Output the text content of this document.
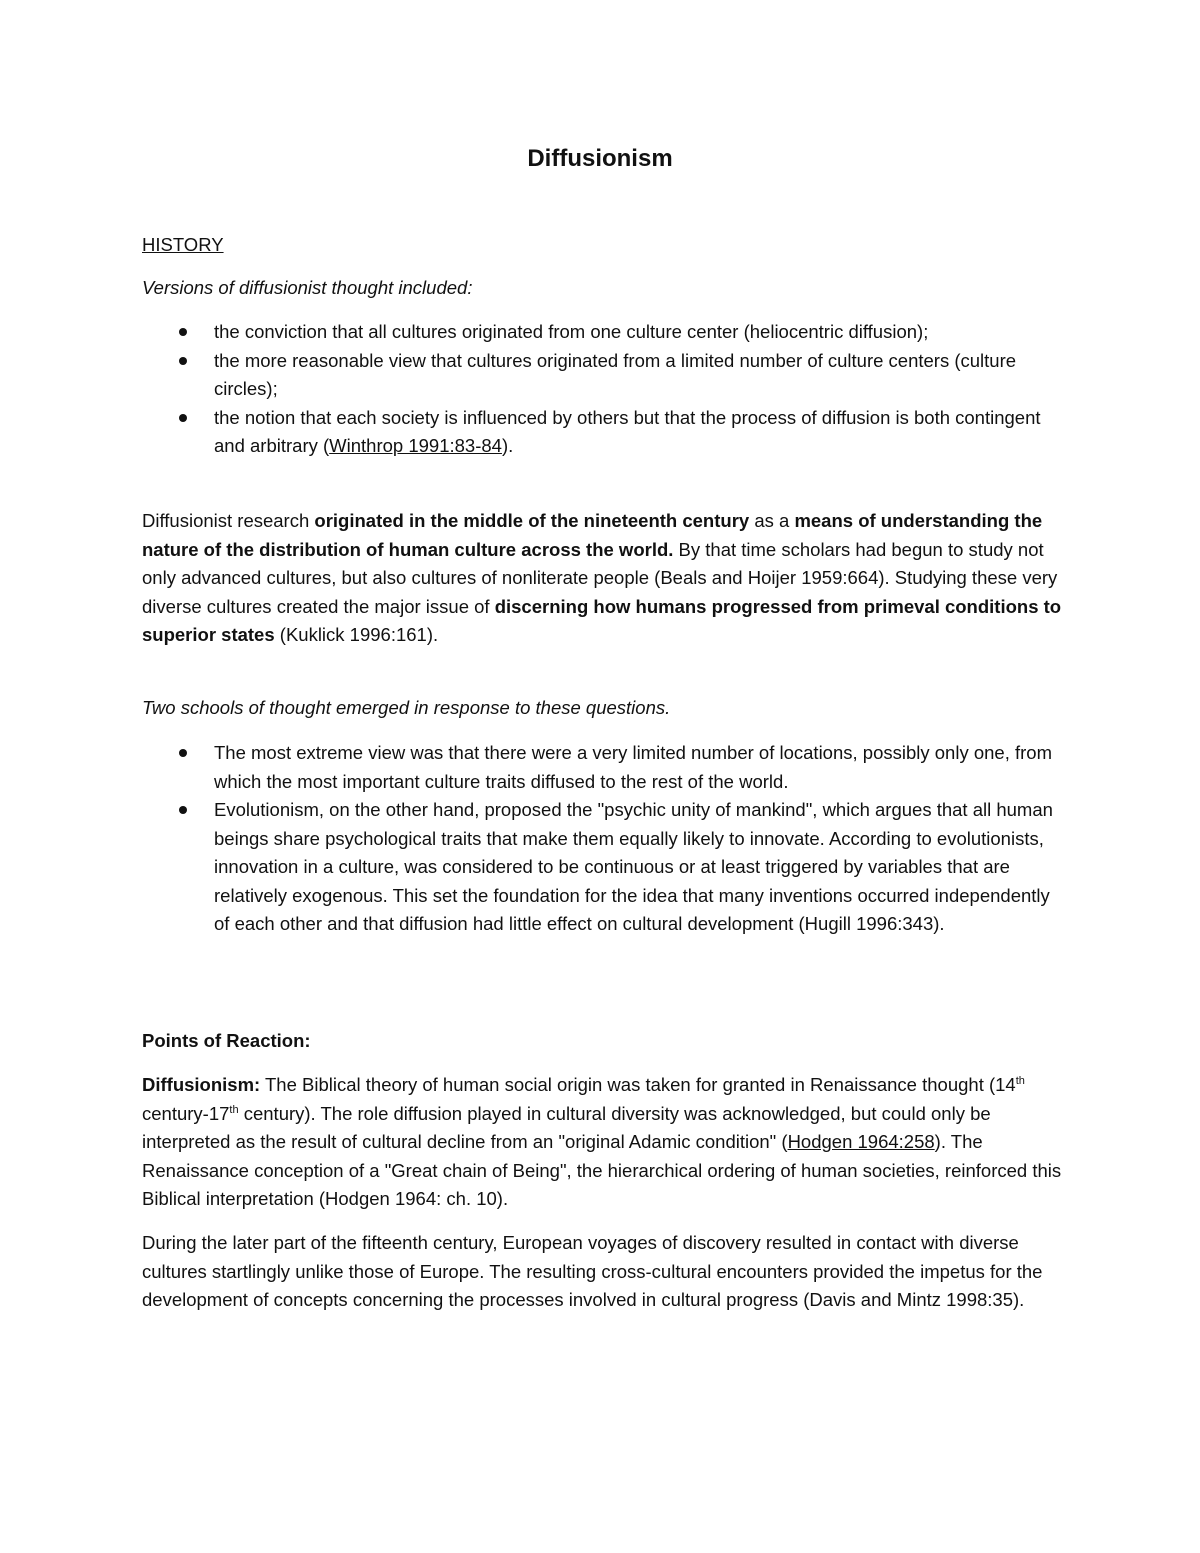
Diffusionism
HISTORY
Versions of diffusionist thought included:
the conviction that all cultures originated from one culture center (heliocentric diffusion);
the more reasonable view that cultures originated from a limited number of culture centers (culture circles);
the notion that each society is influenced by others but that the process of diffusion is both contingent and arbitrary (Winthrop 1991:83-84).
Diffusionist research originated in the middle of the nineteenth century as a means of understanding the nature of the distribution of human culture across the world. By that time scholars had begun to study not only advanced cultures, but also cultures of nonliterate people (Beals and Hoijer 1959:664). Studying these very diverse cultures created the major issue of discerning how humans progressed from primeval conditions to superior states (Kuklick 1996:161).
Two schools of thought emerged in response to these questions.
The most extreme view was that there were a very limited number of locations, possibly only one, from which the most important culture traits diffused to the rest of the world.
Evolutionism, on the other hand, proposed the "psychic unity of mankind", which argues that all human beings share psychological traits that make them equally likely to innovate. According to evolutionists, innovation in a culture, was considered to be continuous or at least triggered by variables that are relatively exogenous. This set the foundation for the idea that many inventions occurred independently of each other and that diffusion had little effect on cultural development (Hugill 1996:343).
Points of Reaction:
Diffusionism: The Biblical theory of human social origin was taken for granted in Renaissance thought (14th century-17th century). The role diffusion played in cultural diversity was acknowledged, but could only be interpreted as the result of cultural decline from an "original Adamic condition" (Hodgen 1964:258). The Renaissance conception of a "Great chain of Being", the hierarchical ordering of human societies, reinforced this Biblical interpretation (Hodgen 1964: ch. 10).
During the later part of the fifteenth century, European voyages of discovery resulted in contact with diverse cultures startlingly unlike those of Europe. The resulting cross-cultural encounters provided the impetus for the development of concepts concerning the processes involved in cultural progress (Davis and Mintz 1998:35).
